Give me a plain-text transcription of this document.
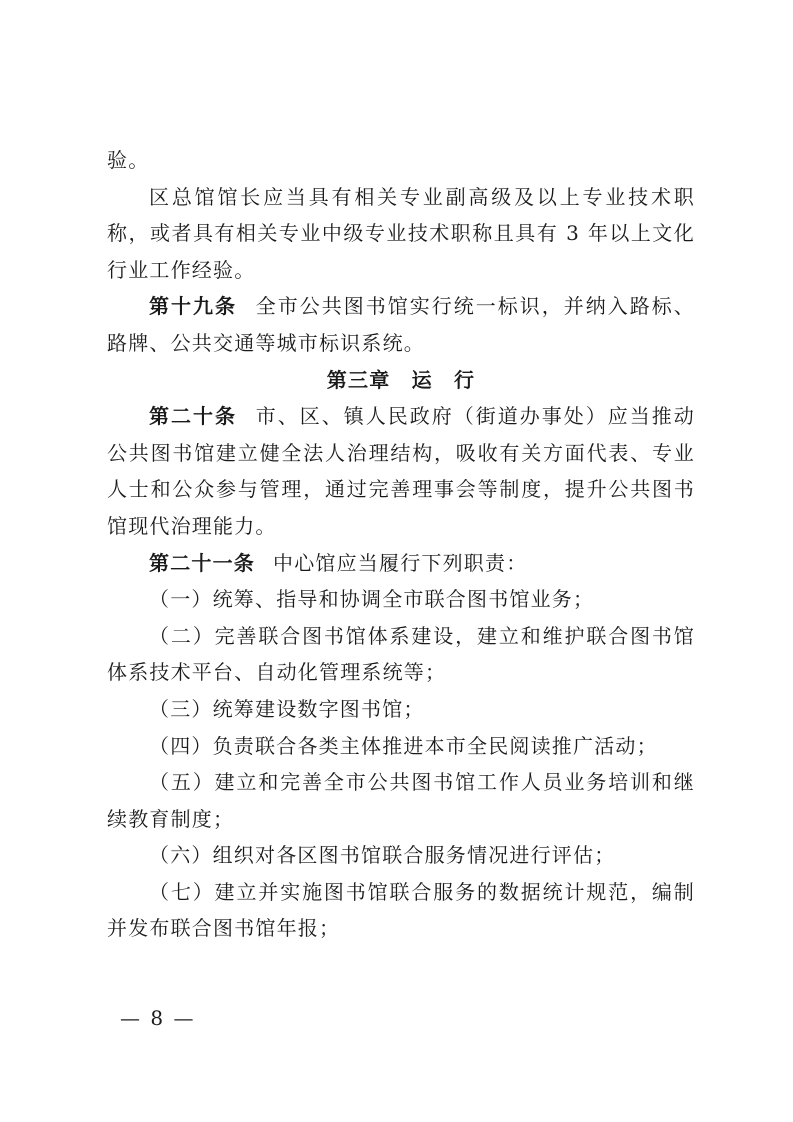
验。

区总馆馆长应当具有相关专业副高级及以上专业技术职称，或者具有相关专业中级专业技术职称且具有 3 年以上文化行业工作经验。

第十九条 全市公共图书馆实行统一标识，并纳入路标、路牌、公共交通等城市标识系统。

第三章　运　行

第二十条 市、区、镇人民政府（街道办事处）应当推动公共图书馆建立健全法人治理结构，吸收有关方面代表、专业人士和公众参与管理，通过完善理事会等制度，提升公共图书馆现代治理能力。

第二十一条 中心馆应当履行下列职责：

（一）统筹、指导和协调全市联合图书馆业务；

（二）完善联合图书馆体系建设，建立和维护联合图书馆体系技术平台、自动化管理系统等；

（三）统筹建设数字图书馆；

（四）负责联合各类主体推进本市全民阅读推广活动；

（五）建立和完善全市公共图书馆工作人员业务培训和继续教育制度；

（六）组织对各区图书馆联合服务情况进行评估；

（七）建立并实施图书馆联合服务的数据统计规范，编制并发布联合图书馆年报；

— 8 —
